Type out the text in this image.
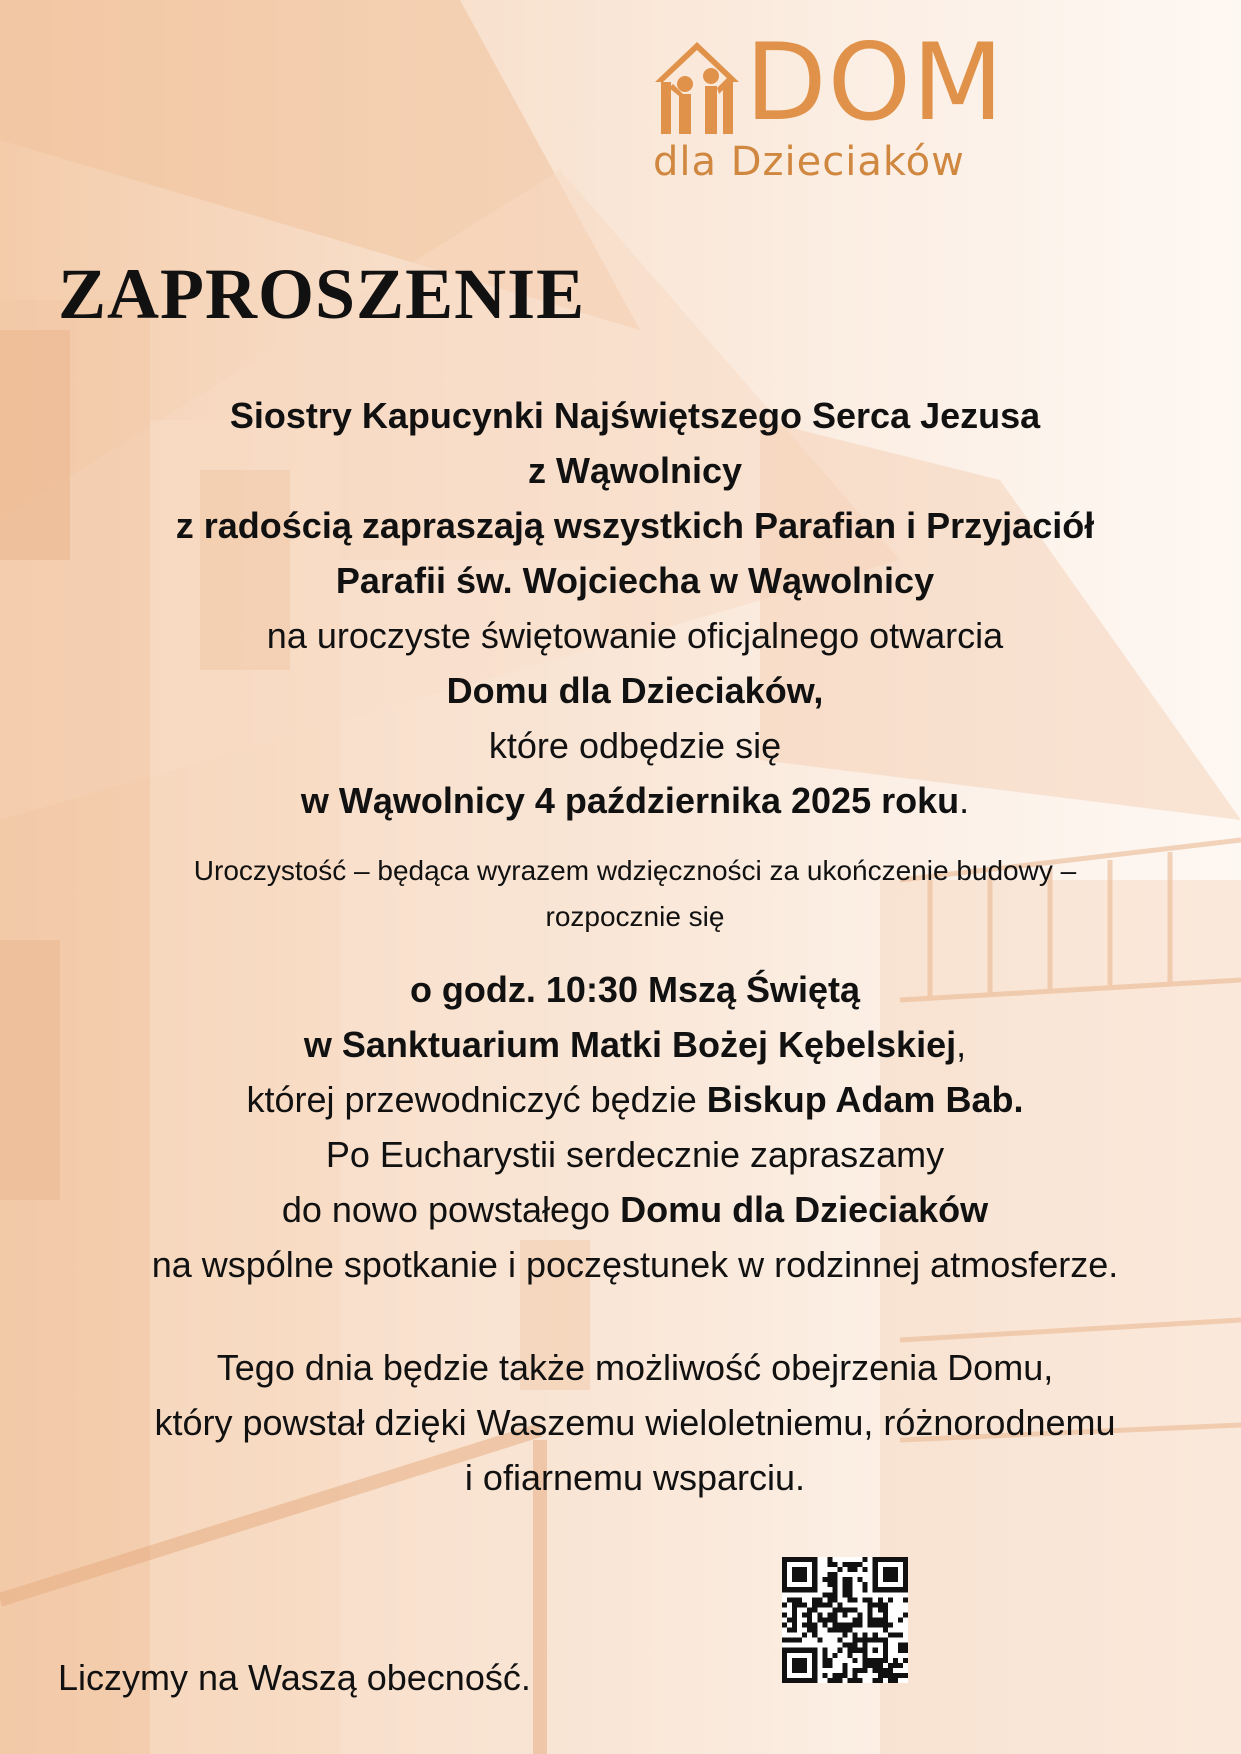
DOM
dla Dzieciaków
ZAPROSZENIE
Siostry Kapucynki Najświętszego Serca Jezusa
z Wąwolnicy
z radością zapraszają wszystkich Parafian i Przyjaciół
Parafii św. Wojciecha w Wąwolnicy
na uroczyste świętowanie oficjalnego otwarcia
Domu dla Dzieciaków,
które odbędzie się
w Wąwolnicy 4 października 2025 roku.
Uroczystość – będąca wyrazem wdzięczności za ukończenie budowy –
rozpocznie się
o godz. 10:30 Mszą Świętą
w Sanktuarium Matki Bożej Kębelskiej,
której przewodniczyć będzie Biskup Adam Bab.
Po Eucharystii serdecznie zapraszamy
do nowo powstałego Domu dla Dzieciaków
na wspólne spotkanie i poczęstunek w rodzinnej atmosferze.
Tego dnia będzie także możliwość obejrzenia Domu,
który powstał dzięki Waszemu wieloletniemu, różnorodnemu
i ofiarnemu wsparciu.
Liczymy na Waszą obecność.
